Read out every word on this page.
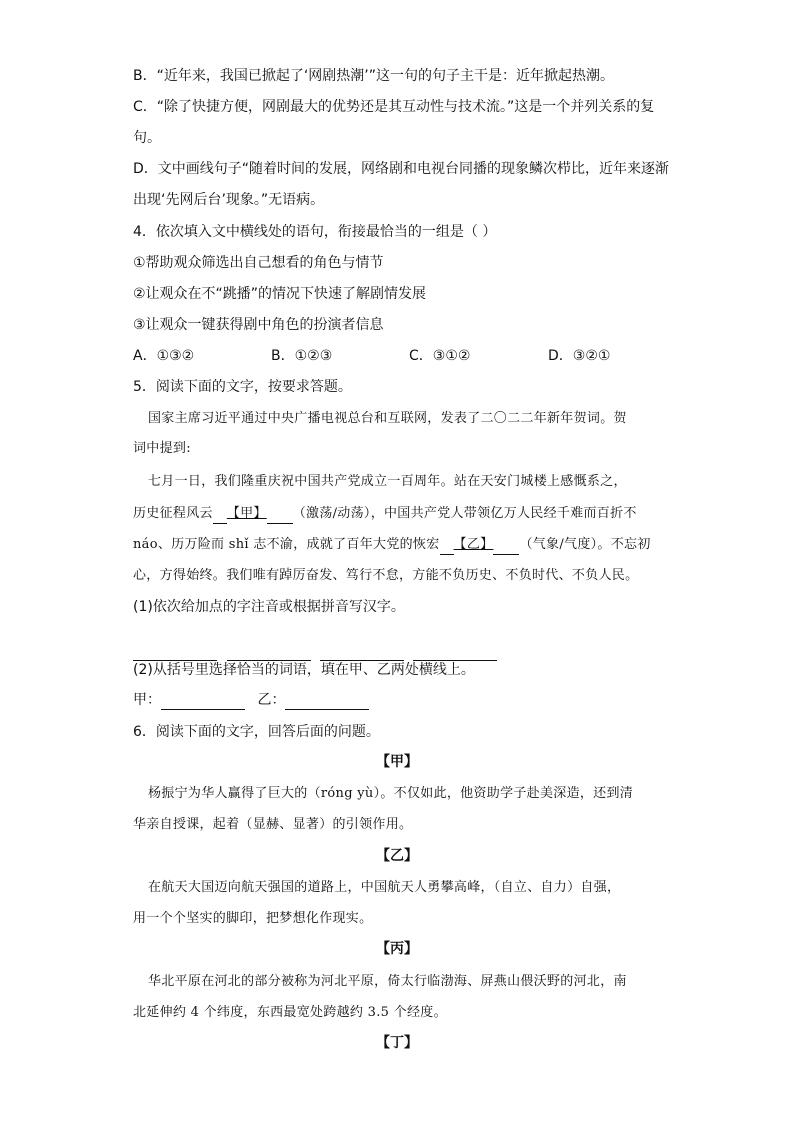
B．“近年来，我国已掀起了‘网剧热潮’”这一句的句子主干是：近年掀起热潮。
C．“除了快捷方便，网剧最大的优势还是其互动性与技术流。”这是一个并列关系的复
句。
D．文中画线句子“随着时间的发展，网络剧和电视台同播的现象鳞次栉比，近年来逐渐
出现‘先网后台’现象。”无语病。
4．依次填入文中横线处的语句，衔接最恰当的一组是（ ）
①帮助观众筛选出自己想看的角色与情节
②让观众在不“跳播”的情况下快速了解剧情发展
③让观众一键获得剧中角色的扮演者信息
A．①③②	B．①②③	C．③①②	D．③②①
5．阅读下面的文字，按要求答题。
国家主席习近平通过中央广播电视总台和互联网，发表了二〇二二年新年贺词。贺
词中提到:
七月一日，我们隆重庆祝中国共产党成立一百周年。站在天安门城楼上感慨系之，
历史征程风云 【甲】 （激荡/动荡），中国共产党人带领亿万人民经千难而百折不
náo、历万险而 shǐ 志不渝，成就了百年大党的恢宏 【乙】 （气象/气度）。不忘初
心，方得始终。我们唯有踔厉奋发、笃行不怠，方能不负历史、不负时代、不负人民。
(1)依次给加点的字注音或根据拼音写汉字。
(2)从括号里选择恰当的词语，填在甲、乙两处横线上。
甲：	乙：
6．阅读下面的文字，回答后面的问题。
【甲】
杨振宁为华人赢得了巨大的（róng yù）。不仅如此，他资助学子赴美深造，还到清
华亲自授课，起着（显赫、显著）的引领作用。
【乙】
在航天大国迈向航天强国的道路上，中国航天人勇攀高峰，（自立、自力）自强，
用一个个坚实的脚印，把梦想化作现实。
【丙】
华北平原在河北的部分被称为河北平原，倚太行临渤海、屏燕山偎沃野的河北，南
北延伸约 4 个纬度，东西最宽处跨越约 3.5 个经度。
【丁】
